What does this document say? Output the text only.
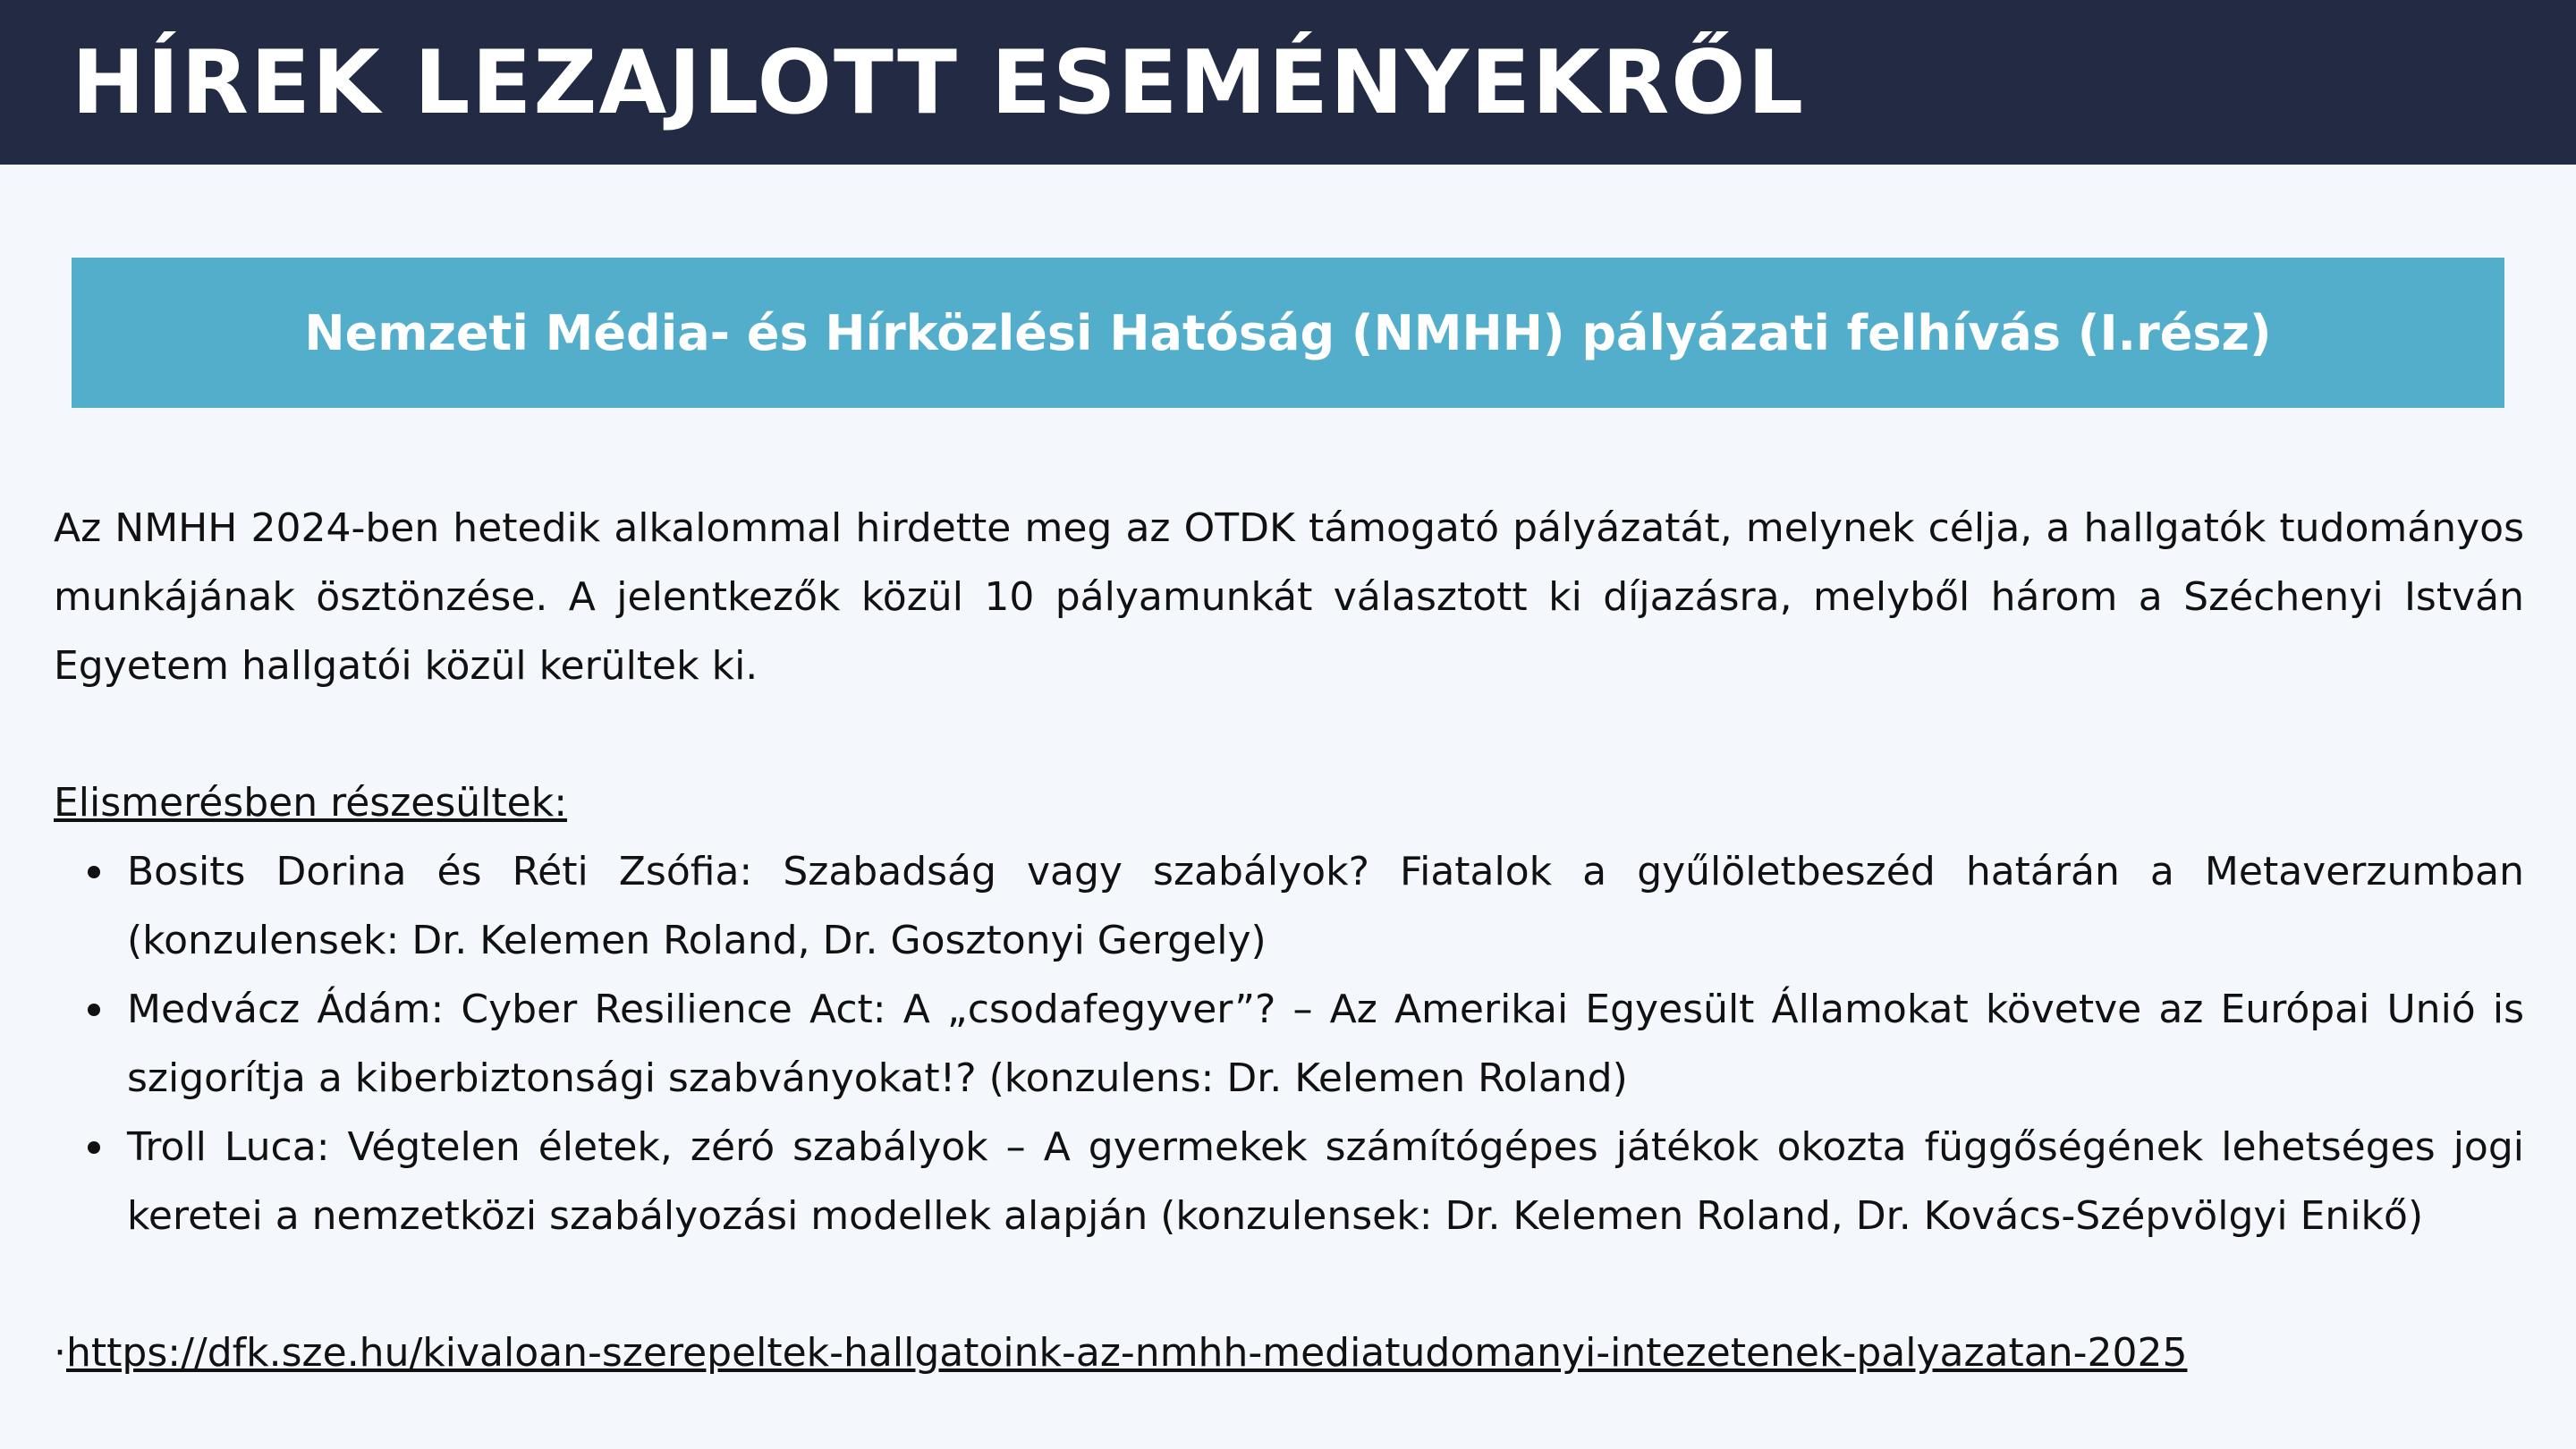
HÍREK LEZAJLOTT ESEMÉNYEKRŐL
Nemzeti Média- és Hírközlési Hatóság (NMHH) pályázati felhívás (I.rész)

Az NMHH 2024-ben hetedik alkalommal hirdette meg az OTDK támogató pályázatát, melynek célja, a hallgatók tudományos munkájának ösztönzése. A jelentkezők közül 10 pályamunkát választott ki díjazásra, melyből három a Széchenyi István Egyetem hallgatói közül kerültek ki.

Elismerésben részesültek:

Bosits Dorina és Réti Zsófia: Szabadság vagy szabályok? Fiatalok a gyűlöletbeszéd határán a Metaverzumban (konzulensek: Dr. Kelemen Roland, Dr. Gosztonyi Gergely)
Medvácz Ádám: Cyber Resilience Act: A „csodafegyver”? – Az Amerikai Egyesült Államokat követve az Európai Unió is szigorítja a kiberbiztonsági szabványokat!? (konzulens: Dr. Kelemen Roland)
Troll Luca: Végtelen életek, zéró szabályok – A gyermekek számítógépes játékok okozta függőségének lehetséges jogi keretei a nemzetközi szabályozási modellek alapján (konzulensek: Dr. Kelemen Roland, Dr. Kovács-Szépvölgyi Enikő)

·https://dfk.sze.hu/kivaloan-szerepeltek-hallgatoink-az-nmhh-mediatudomanyi-intezetenek-palyazatan-2025
